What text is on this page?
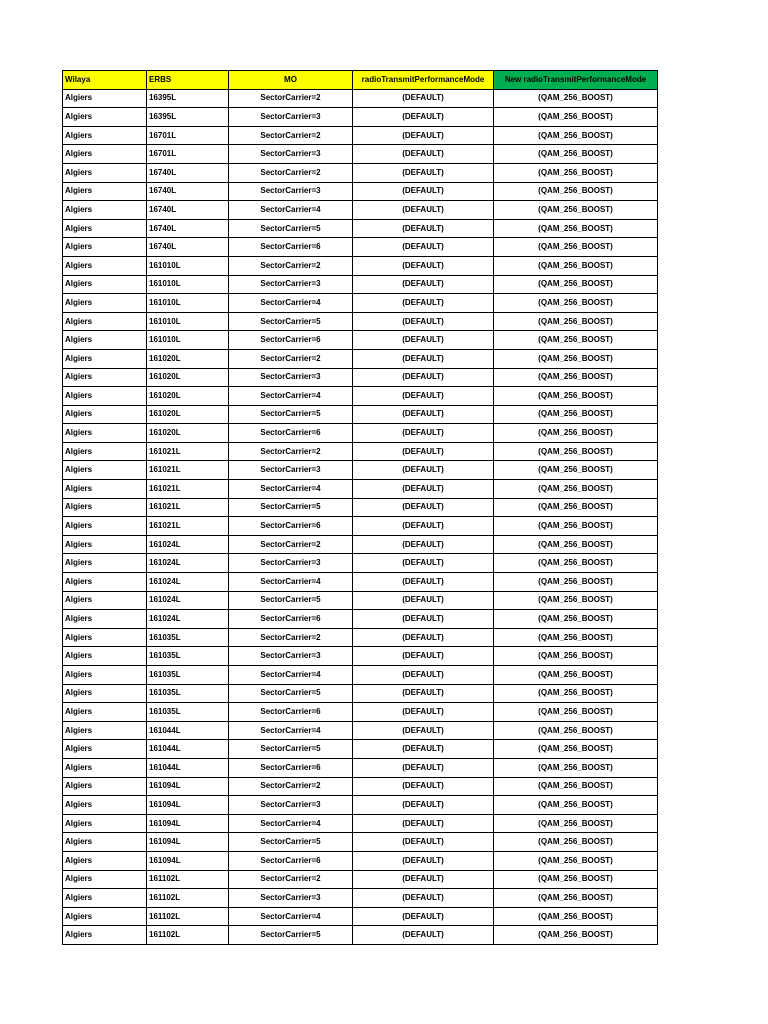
Wilaya	ERBS	MO	radioTransmitPerformanceMode	New radioTransmitPerformanceMode
Algiers	16395L	SectorCarrier=2	(DEFAULT)	(QAM_256_BOOST)
Algiers	16395L	SectorCarrier=3	(DEFAULT)	(QAM_256_BOOST)
Algiers	16701L	SectorCarrier=2	(DEFAULT)	(QAM_256_BOOST)
Algiers	16701L	SectorCarrier=3	(DEFAULT)	(QAM_256_BOOST)
Algiers	16740L	SectorCarrier=2	(DEFAULT)	(QAM_256_BOOST)
Algiers	16740L	SectorCarrier=3	(DEFAULT)	(QAM_256_BOOST)
Algiers	16740L	SectorCarrier=4	(DEFAULT)	(QAM_256_BOOST)
Algiers	16740L	SectorCarrier=5	(DEFAULT)	(QAM_256_BOOST)
Algiers	16740L	SectorCarrier=6	(DEFAULT)	(QAM_256_BOOST)
Algiers	161010L	SectorCarrier=2	(DEFAULT)	(QAM_256_BOOST)
Algiers	161010L	SectorCarrier=3	(DEFAULT)	(QAM_256_BOOST)
Algiers	161010L	SectorCarrier=4	(DEFAULT)	(QAM_256_BOOST)
Algiers	161010L	SectorCarrier=5	(DEFAULT)	(QAM_256_BOOST)
Algiers	161010L	SectorCarrier=6	(DEFAULT)	(QAM_256_BOOST)
Algiers	161020L	SectorCarrier=2	(DEFAULT)	(QAM_256_BOOST)
Algiers	161020L	SectorCarrier=3	(DEFAULT)	(QAM_256_BOOST)
Algiers	161020L	SectorCarrier=4	(DEFAULT)	(QAM_256_BOOST)
Algiers	161020L	SectorCarrier=5	(DEFAULT)	(QAM_256_BOOST)
Algiers	161020L	SectorCarrier=6	(DEFAULT)	(QAM_256_BOOST)
Algiers	161021L	SectorCarrier=2	(DEFAULT)	(QAM_256_BOOST)
Algiers	161021L	SectorCarrier=3	(DEFAULT)	(QAM_256_BOOST)
Algiers	161021L	SectorCarrier=4	(DEFAULT)	(QAM_256_BOOST)
Algiers	161021L	SectorCarrier=5	(DEFAULT)	(QAM_256_BOOST)
Algiers	161021L	SectorCarrier=6	(DEFAULT)	(QAM_256_BOOST)
Algiers	161024L	SectorCarrier=2	(DEFAULT)	(QAM_256_BOOST)
Algiers	161024L	SectorCarrier=3	(DEFAULT)	(QAM_256_BOOST)
Algiers	161024L	SectorCarrier=4	(DEFAULT)	(QAM_256_BOOST)
Algiers	161024L	SectorCarrier=5	(DEFAULT)	(QAM_256_BOOST)
Algiers	161024L	SectorCarrier=6	(DEFAULT)	(QAM_256_BOOST)
Algiers	161035L	SectorCarrier=2	(DEFAULT)	(QAM_256_BOOST)
Algiers	161035L	SectorCarrier=3	(DEFAULT)	(QAM_256_BOOST)
Algiers	161035L	SectorCarrier=4	(DEFAULT)	(QAM_256_BOOST)
Algiers	161035L	SectorCarrier=5	(DEFAULT)	(QAM_256_BOOST)
Algiers	161035L	SectorCarrier=6	(DEFAULT)	(QAM_256_BOOST)
Algiers	161044L	SectorCarrier=4	(DEFAULT)	(QAM_256_BOOST)
Algiers	161044L	SectorCarrier=5	(DEFAULT)	(QAM_256_BOOST)
Algiers	161044L	SectorCarrier=6	(DEFAULT)	(QAM_256_BOOST)
Algiers	161094L	SectorCarrier=2	(DEFAULT)	(QAM_256_BOOST)
Algiers	161094L	SectorCarrier=3	(DEFAULT)	(QAM_256_BOOST)
Algiers	161094L	SectorCarrier=4	(DEFAULT)	(QAM_256_BOOST)
Algiers	161094L	SectorCarrier=5	(DEFAULT)	(QAM_256_BOOST)
Algiers	161094L	SectorCarrier=6	(DEFAULT)	(QAM_256_BOOST)
Algiers	161102L	SectorCarrier=2	(DEFAULT)	(QAM_256_BOOST)
Algiers	161102L	SectorCarrier=3	(DEFAULT)	(QAM_256_BOOST)
Algiers	161102L	SectorCarrier=4	(DEFAULT)	(QAM_256_BOOST)
Algiers	161102L	SectorCarrier=5	(DEFAULT)	(QAM_256_BOOST)
